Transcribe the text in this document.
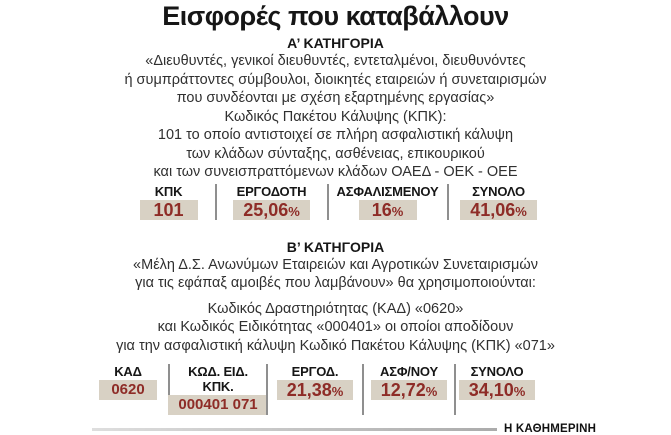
Εισφορές που καταβάλλουν
Α’ ΚΑΤΗΓΟΡΙΑ
«Διευθυντές, γενικοί διευθυντές, εντεταλμένοι, διευθυνόντες
ή συμπράττοντες σύμβουλοι, διοικητές εταιρειών ή συνεταιρισμών
που συνδέονται με σχέση εξαρτημένης εργασίας»
Κωδικός Πακέτου Κάλυψης (ΚΠΚ):
101 το οποίο αντιστοιχεί σε πλήρη ασφαλιστική κάλυψη
των κλάδων σύνταξης, ασθένειας, επικουρικού
και των συνεισπραττόμενων κλάδων ΟΑΕΔ - ΟΕΚ - ΟΕΕ
ΚΠΚ
101
ΕΡΓΟΔΟΤΗ
25,06%
ΑΣΦΑΛΙΣΜΕΝΟΥ
16%
ΣΥΝΟΛΟ
41,06%
Β’ ΚΑΤΗΓΟΡΙΑ
«Μέλη Δ.Σ. Ανωνύμων Εταιρειών και Αγροτικών Συνεταιρισμών
για τις εφάπαξ αμοιβές που λαμβάνουν» θα χρησιμοποιούνται:
Κωδικός Δραστηριότητας (ΚΑΔ) «0620»
και Κωδικός Ειδικότητας «000401» οι οποίοι αποδίδουν
για την ασφαλιστική κάλυψη Κωδικό Πακέτου Κάλυψης (ΚΠΚ) «071»
ΚΑΔ
0620
ΚΩΔ. ΕΙΔ. ΚΠΚ.
000401 071
ΕΡΓΟΔ.
21,38%
ΑΣΦ/ΝΟΥ
12,72%
ΣΥΝΟΛΟ
34,10%
Η ΚΑΘΗΜΕΡΙΝΗ
